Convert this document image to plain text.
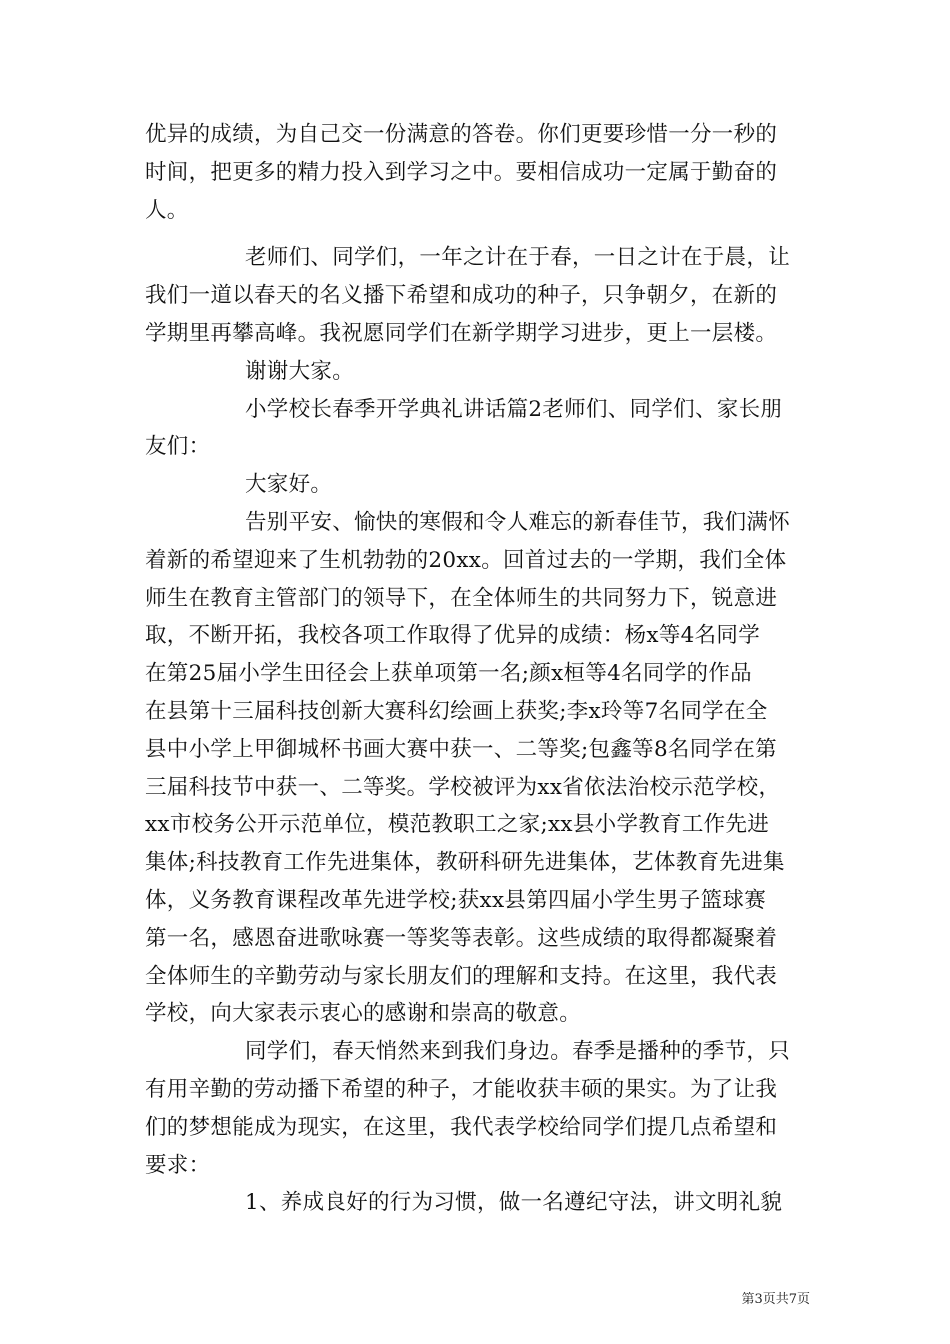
优异的成绩，为自己交一份满意的答卷。你们更要珍惜一分一秒的
时间，把更多的精力投入到学习之中。要相信成功一定属于勤奋的
人。
老师们、同学们，一年之计在于春，一日之计在于晨，让
我们一道以春天的名义播下希望和成功的种子，只争朝夕，在新的
学期里再攀高峰。我祝愿同学们在新学期学习进步，更上一层楼。
谢谢大家。
小学校长春季开学典礼讲话篇2老师们、同学们、家长朋
友们：
大家好。
告别平安、愉快的寒假和令人难忘的新春佳节，我们满怀
着新的希望迎来了生机勃勃的20xx。回首过去的一学期，我们全体
师生在教育主管部门的领导下，在全体师生的共同努力下，锐意进
取，不断开拓，我校各项工作取得了优异的成绩：杨x等4名同学
在第25届小学生田径会上获单项第一名;颜x桓等4名同学的作品
在县第十三届科技创新大赛科幻绘画上获奖;李x玲等7名同学在全
县中小学上甲御城杯书画大赛中获一、二等奖;包鑫等8名同学在第
三届科技节中获一、二等奖。学校被评为xx省依法治校示范学校，
xx市校务公开示范单位，模范教职工之家;xx县小学教育工作先进
集体;科技教育工作先进集体，教研科研先进集体，艺体教育先进集
体，义务教育课程改革先进学校;获xx县第四届小学生男子篮球赛
第一名，感恩奋进歌咏赛一等奖等表彰。这些成绩的取得都凝聚着
全体师生的辛勤劳动与家长朋友们的理解和支持。在这里，我代表
学校，向大家表示衷心的感谢和崇高的敬意。
同学们，春天悄然来到我们身边。春季是播种的季节，只
有用辛勤的劳动播下希望的种子，才能收获丰硕的果实。为了让我
们的梦想能成为现实，在这里，我代表学校给同学们提几点希望和
要求：
1、养成良好的行为习惯，做一名遵纪守法，讲文明礼貌
第3页共7页
